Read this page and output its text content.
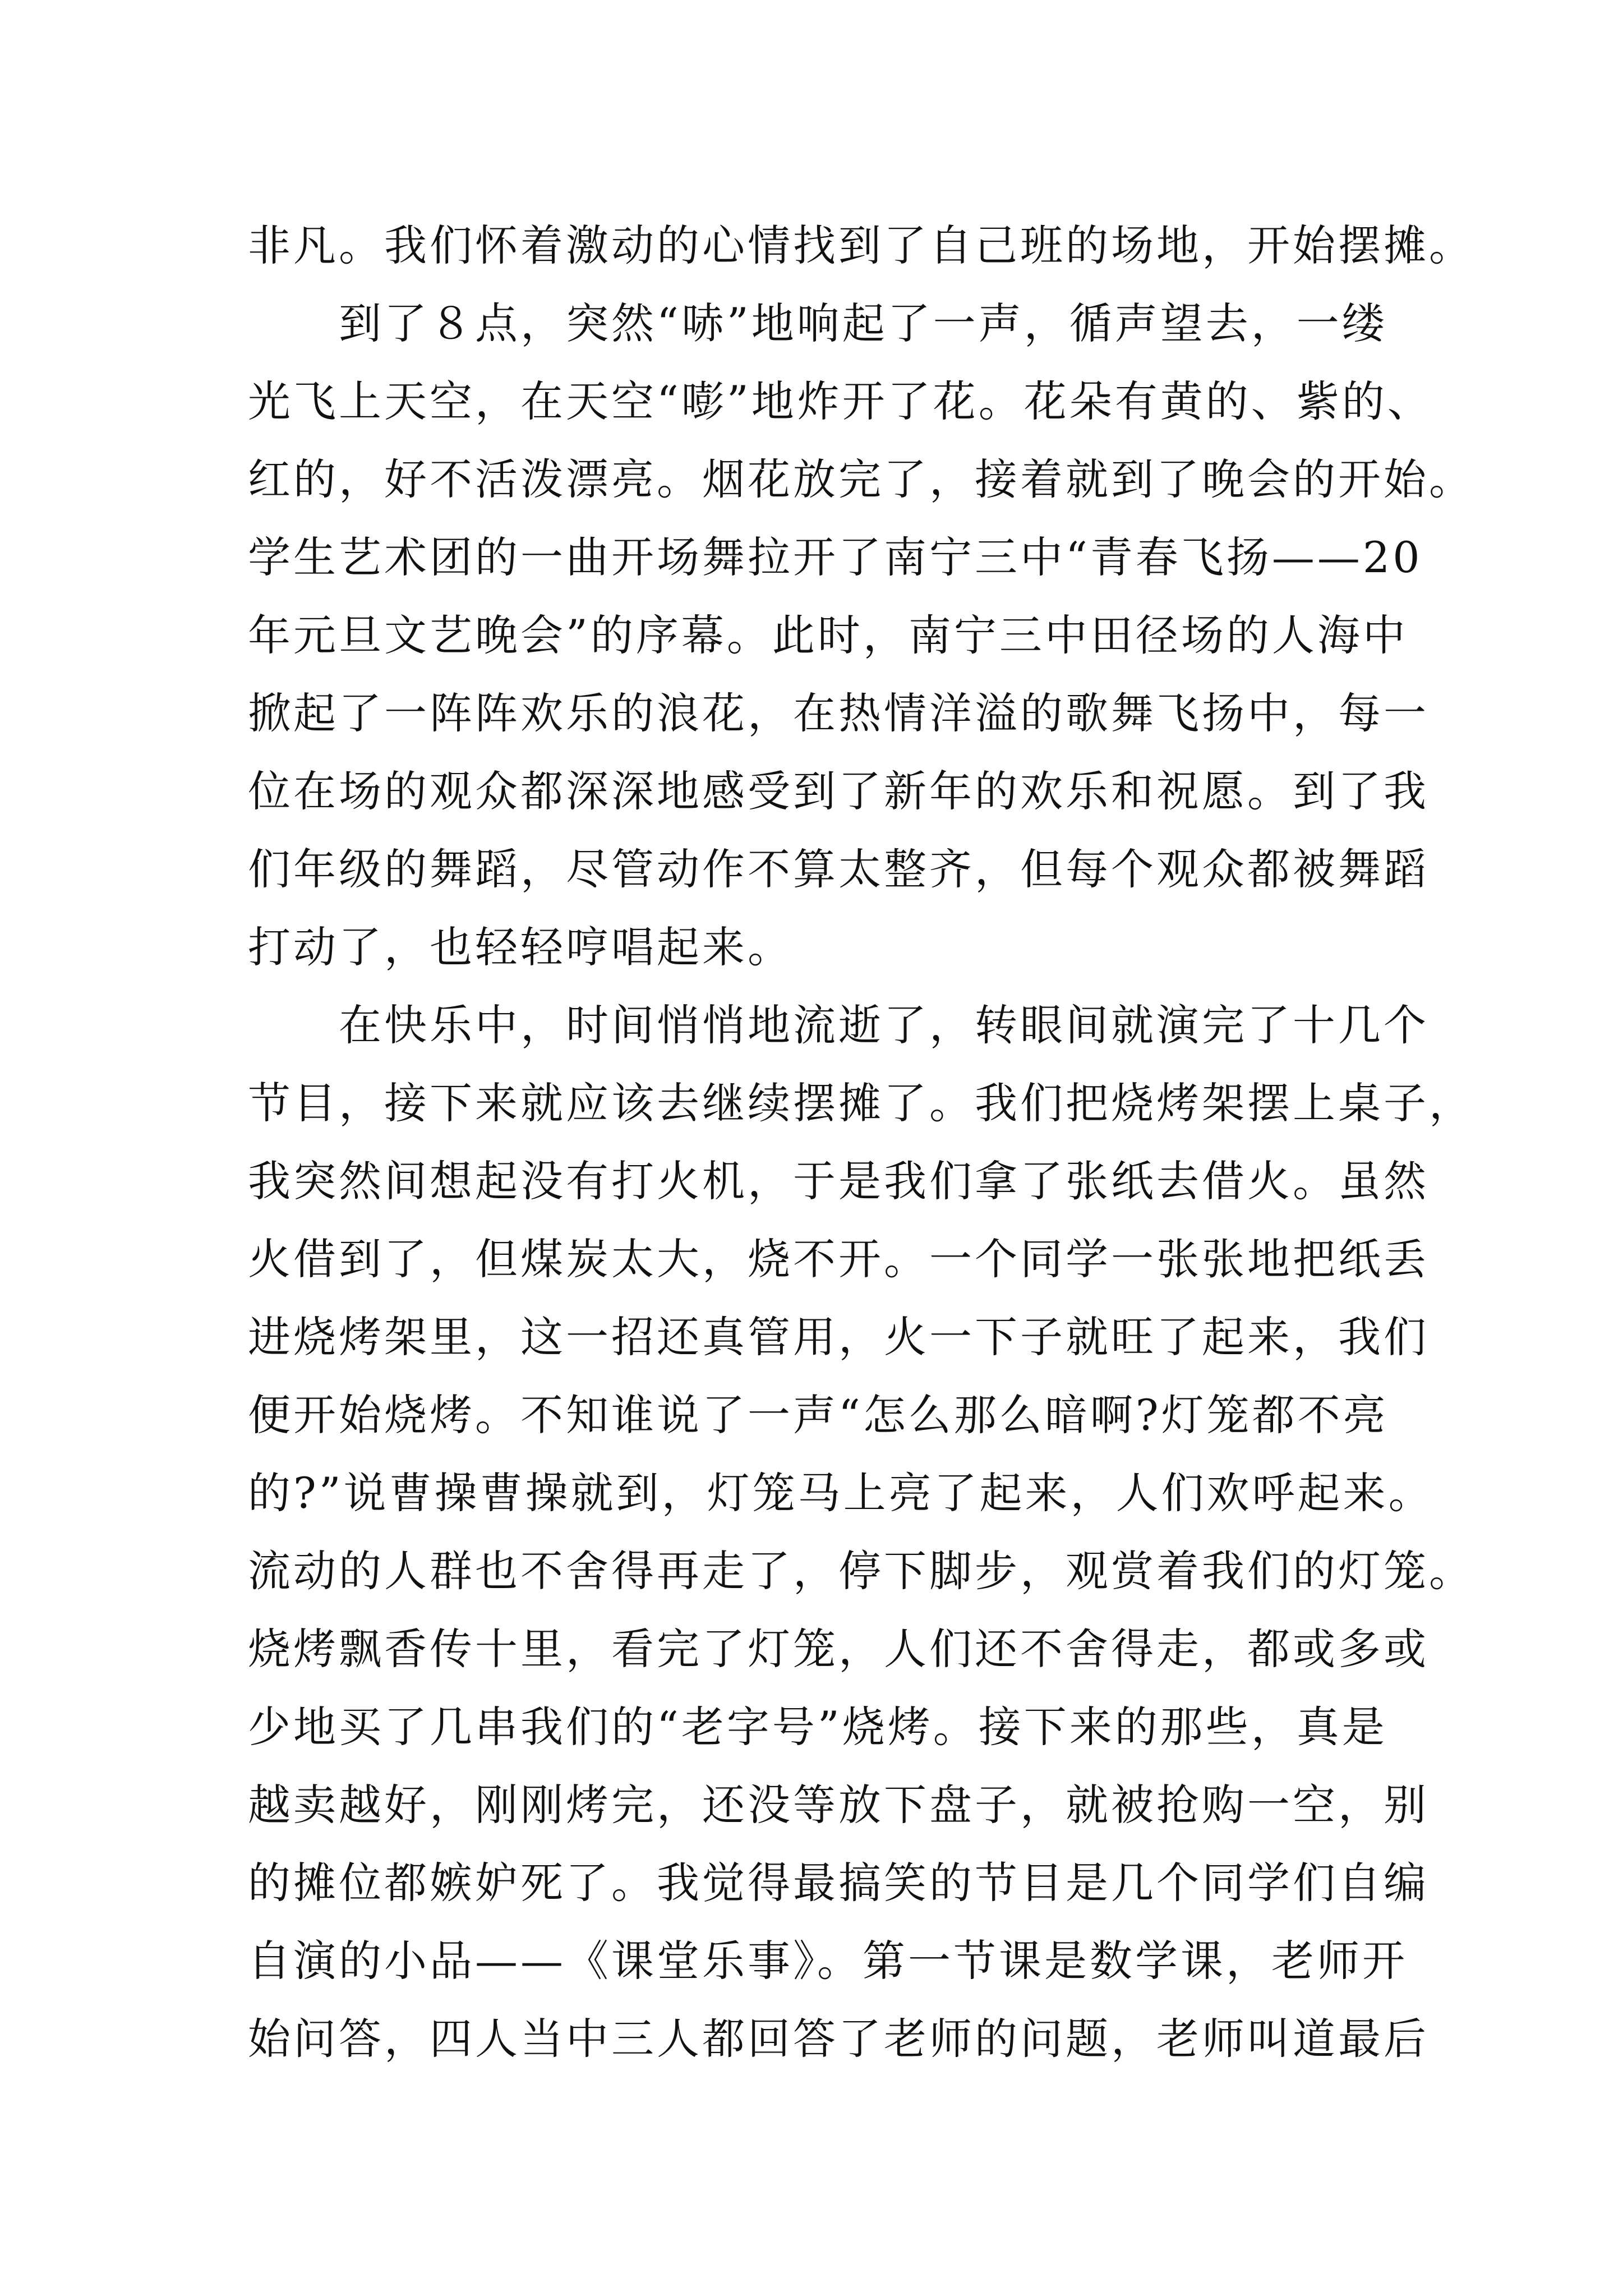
非凡。我们怀着激动的心情找到了自己班的场地，开始摆摊。
　　到了８点，突然“哧”地响起了一声，循声望去，一缕
光飞上天空，在天空“嘭”地炸开了花。花朵有黄的、紫的、
红的，好不活泼漂亮。烟花放完了，接着就到了晚会的开始。
学生艺术团的一曲开场舞拉开了南宁三中“青春飞扬——20
年元旦文艺晚会”的序幕。此时，南宁三中田径场的人海中
掀起了一阵阵欢乐的浪花，在热情洋溢的歌舞飞扬中，每一
位在场的观众都深深地感受到了新年的欢乐和祝愿。到了我
们年级的舞蹈，尽管动作不算太整齐，但每个观众都被舞蹈
打动了，也轻轻哼唱起来。
　　在快乐中，时间悄悄地流逝了，转眼间就演完了十几个
节目，接下来就应该去继续摆摊了。我们把烧烤架摆上桌子，
我突然间想起没有打火机，于是我们拿了张纸去借火。虽然
火借到了，但煤炭太大，烧不开。一个同学一张张地把纸丢
进烧烤架里，这一招还真管用，火一下子就旺了起来，我们
便开始烧烤。不知谁说了一声“怎么那么暗啊?灯笼都不亮
的?”说曹操曹操就到，灯笼马上亮了起来，人们欢呼起来。
流动的人群也不舍得再走了，停下脚步，观赏着我们的灯笼。
烧烤飘香传十里，看完了灯笼，人们还不舍得走，都或多或
少地买了几串我们的“老字号”烧烤。接下来的那些，真是
越卖越好，刚刚烤完，还没等放下盘子，就被抢购一空，别
的摊位都嫉妒死了。我觉得最搞笑的节目是几个同学们自编
自演的小品——《课堂乐事》。第一节课是数学课，老师开
始问答，四人当中三人都回答了老师的问题，老师叫道最后
